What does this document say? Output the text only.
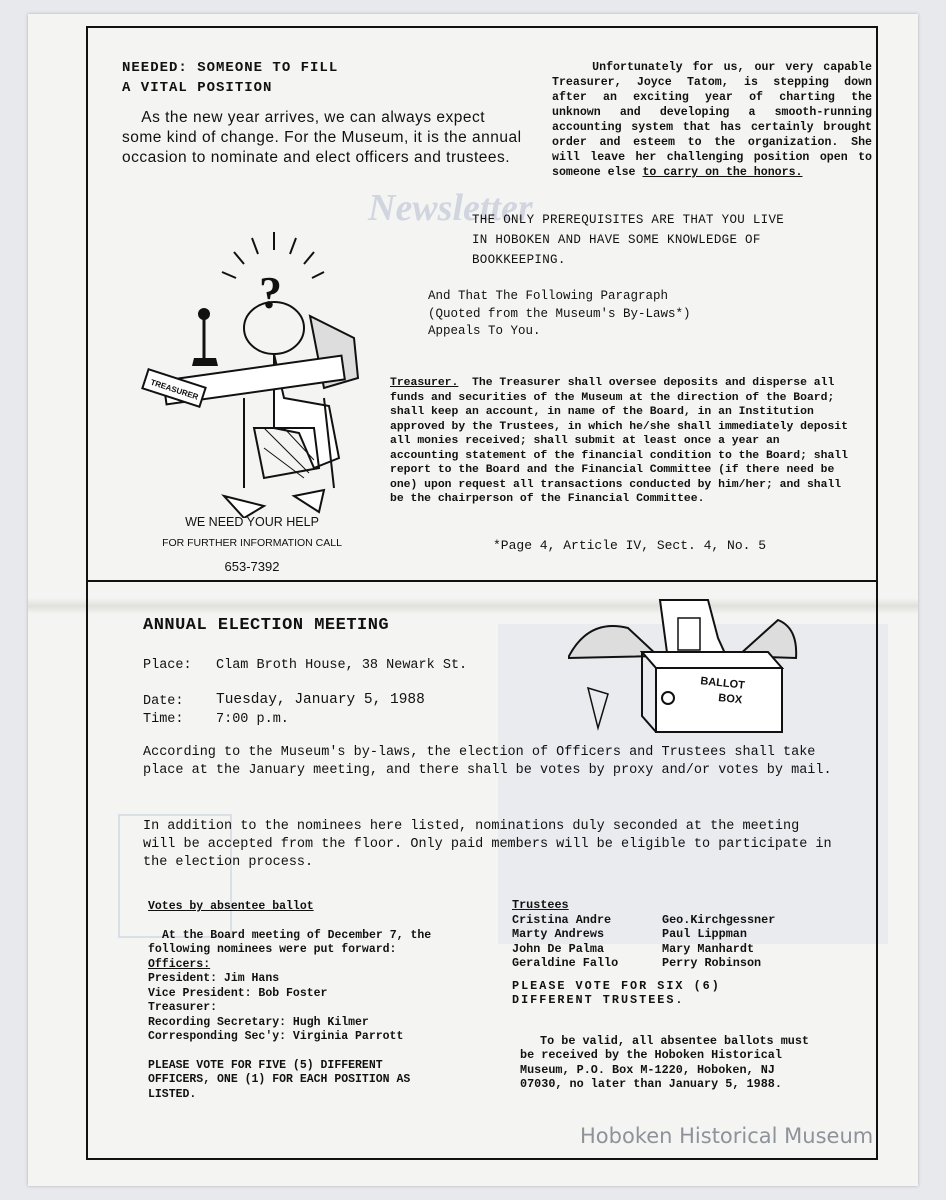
Newsletter
NEEDED: SOMEONE TO FILL
A VITAL POSITION
As the new year arrives, we can always expect some kind of change. For the Museum, it is the annual occasion to nominate and elect officers and trustees.
Unfortunately for us, our very capable Treasurer, Joyce Tatom, is stepping down after an exciting year of charting the unknown and developing a smooth-running accounting system that has certainly brought order and esteem to the organization. She will leave her challenging position open to someone else to carry on the honors.
THE ONLY PREREQUISITES ARE THAT YOU LIVE
IN HOBOKEN AND HAVE SOME KNOWLEDGE OF
BOOKKEEPING.
And That The Following Paragraph
(Quoted from the Museum's By-Laws*)
Appeals To You.
Treasurer. The Treasurer shall oversee deposits and disperse all funds and securities of the Museum at the direction of the Board; shall keep an account, in name of the Board, in an Institution approved by the Trustees, in which he/she shall immediately deposit all monies received; shall submit at least once a year an accounting statement of the financial condition to the Board; shall report to the Board and the Financial Committee (if there need be one) upon request all transactions conducted by him/her; and shall be the chairperson of the Financial Committee.
*Page 4, Article IV, Sect. 4, No. 5
?
TREASURER
WE NEED YOUR HELP
FOR FURTHER INFORMATION CALL
653-7392
ANNUAL ELECTION MEETING
Place: Clam Broth House, 38 Newark St.
Date: Tuesday, January 5, 1988
Time: 7:00 p.m.
BALLOT
BOX
According to the Museum's by-laws, the election of Officers and Trustees shall take place at the January meeting, and there shall be votes by proxy and/or votes by mail.
In addition to the nominees here listed, nominations duly seconded at the meeting will be accepted from the floor. Only paid members will be eligible to participate in the election process.

Votes by absentee ballot

At the Board meeting of December 7, the following nominees were put forward:

Officers:

President: Jim Hans

Vice President: Bob Foster

Treasurer:

Recording Secretary: Hugh Kilmer

Corresponding Sec'y: Virginia Parrott

PLEASE VOTE FOR FIVE (5) DIFFERENT OFFICERS, ONE (1) FOR EACH POSITION AS LISTED.

Trustees

Cristina Andre	Geo.Kirchgessner
Marty Andrews	Paul Lippman
John De Palma	Mary Manhardt
Geraldine Fallo	Perry Robinson

PLEASE VOTE FOR SIX (6) DIFFERENT TRUSTEES.

To be valid, all absentee ballots must be received by the Hoboken Historical Museum, P.O. Box M-1220, Hoboken, NJ 07030, no later than January 5, 1988.

Hoboken Historical Museum
